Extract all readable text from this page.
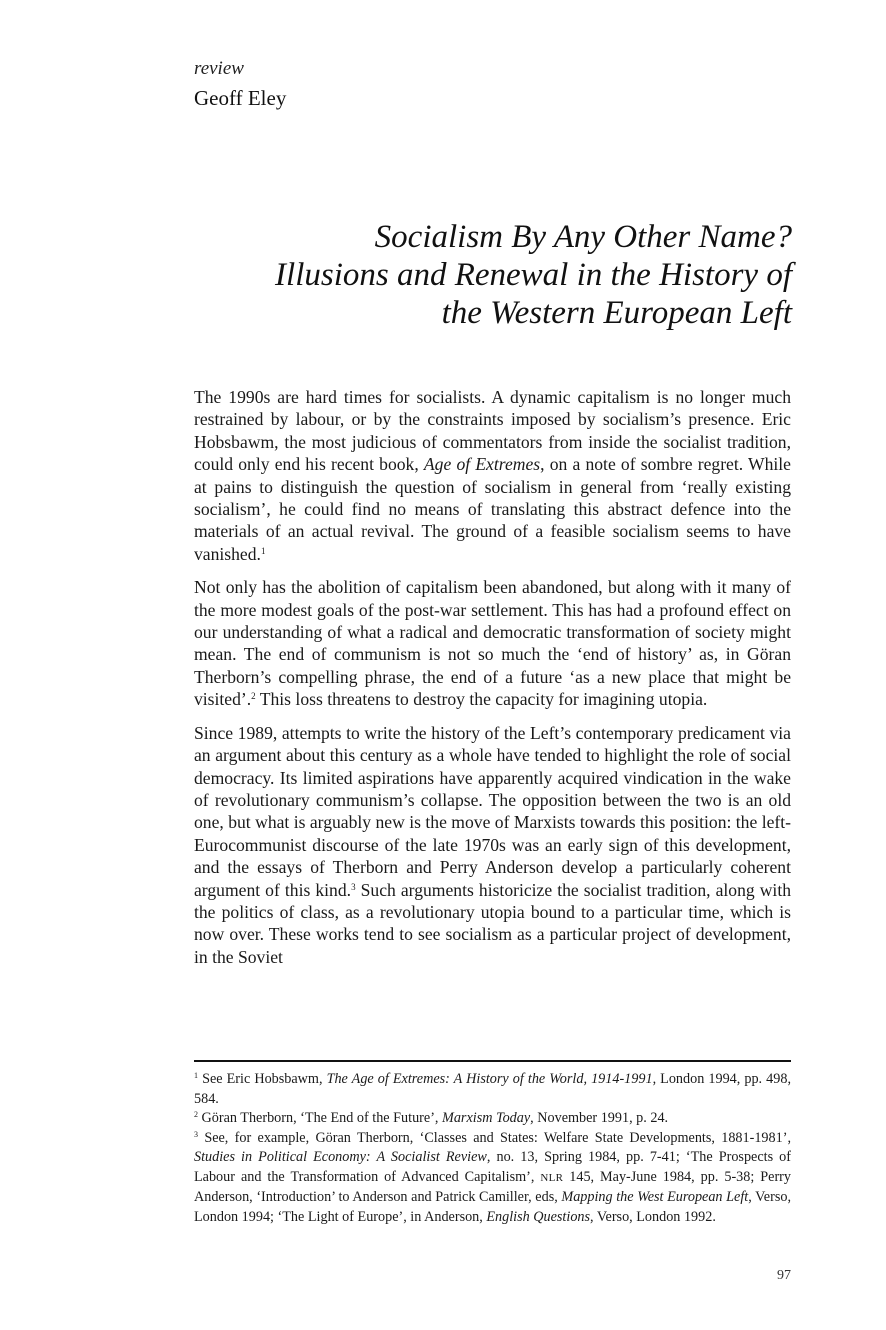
review
Geoff Eley
Socialism By Any Other Name?
Illusions and Renewal in the History of
the Western European Left

The 1990s are hard times for socialists. A dynamic capitalism is no longer much restrained by labour, or by the constraints imposed by socialism’s presence. Eric Hobsbawm, the most judicious of commentators from inside the socialist tradition, could only end his recent book, Age of Extremes, on a note of sombre regret. While at pains to distinguish the question of socialism in general from ‘really existing socialism’, he could find no means of translating this abstract defence into the materials of an actual revival. The ground of a feasible socialism seems to have vanished.$^1$

Not only has the abolition of capitalism been abandoned, but along with it many of the more modest goals of the post-war settlement. This has had a profound effect on our understanding of what a radical and democratic transformation of society might mean. The end of communism is not so much the ‘end of history’ as, in Göran Therborn’s compelling phrase, the end of a future ‘as a new place that might be visited’.$^2$ This loss threatens to destroy the capacity for imagining utopia.

Since 1989, attempts to write the history of the Left’s contemporary predicament via an argument about this century as a whole have tended to highlight the role of social democracy. Its limited aspirations have apparently acquired vindication in the wake of revolutionary communism’s collapse. The opposition between the two is an old one, but what is arguably new is the move of Marxists towards this position: the left-Eurocommunist discourse of the late 1970s was an early sign of this development, and the essays of Therborn and Perry Anderson develop a particularly coherent argument of this kind.$^3$ Such arguments historicize the socialist tradition, along with the politics of class, as a revolutionary utopia bound to a particular time, which is now over. These works tend to see socialism as a particular project of development, in the Soviet

$^1$ See Eric Hobsbawm, The Age of Extremes: A History of the World, 1914-1991, London 1994, pp. 498, 584.

$^2$ Göran Therborn, ‘The End of the Future’, Marxism Today, November 1991, p. 24.

$^3$ See, for example, Göran Therborn, ‘Classes and States: Welfare State Developments, 1881-1981’, Studies in Political Economy: A Socialist Review, no. 13, Spring 1984, pp. 7-41; ‘The Prospects of Labour and the Transformation of Advanced Capitalism’, NLR 145, May-June 1984, pp. 5-38; Perry Anderson, ‘Introduction’ to Anderson and Patrick Camiller, eds, Mapping the West European Left, Verso, London 1994; ‘The Light of Europe’, in Anderson, English Questions, Verso, London 1992.

97
